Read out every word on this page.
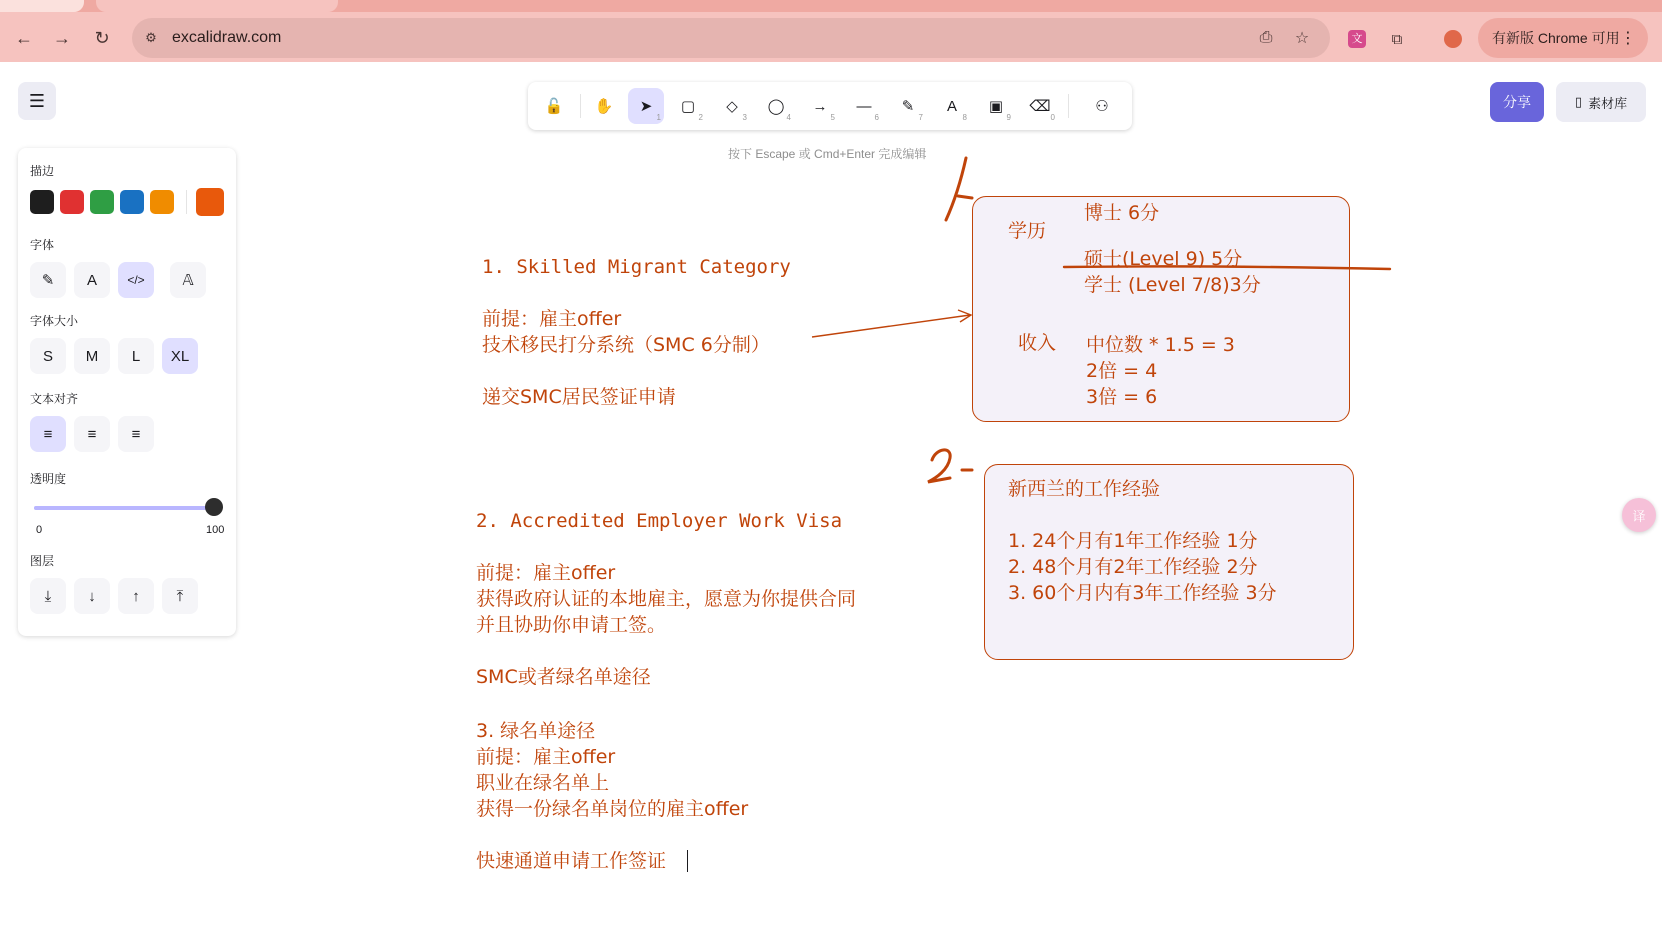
← →	↻	⚙ excalidraw.com	⎙	☆	文	⧉	有新版 Chrome 可用 ⋮
☰	🔓 ✋ ➤
1
▢
2
◇
3
◯
4
→
5
—
6
✎
7
A
8
▣
9
⌫
0
⚇
按下 Escape 或 Cmd+Enter 完成编辑
分享	▯ 素材库
描边
字体
✎ A	</>	𝔸
字体大小
S	M	L	XL
文本对齐
≡	≡	≡
透明度
0	100
图层
⤓ ↓ ↑ ⤒
1. Skilled Migrant Category
前提：雇主offer
技术移民打分系统（SMC 6分制）
递交SMC居民签证申请
2. Accredited Employer Work Visa
前提：雇主offer
获得政府认证的本地雇主，愿意为你提供合同
并且协助你申请工签。
SMC或者绿名单途径
3. 绿名单途径
前提：雇主offer
职业在绿名单上
获得一份绿名单岗位的雇主offer
快速通道申请工作签证
学历
博士 6分
硕士(Level 9) 5分
学士 (Level 7/8)3分
收入 中位数 * 1.5 = 3
2倍 = 4
3倍 = 6
新西兰的工作经验
1. 24个月有1年工作经验 1分
2. 48个月有2年工作经验 2分
3. 60个月内有3年工作经验 3分
译
